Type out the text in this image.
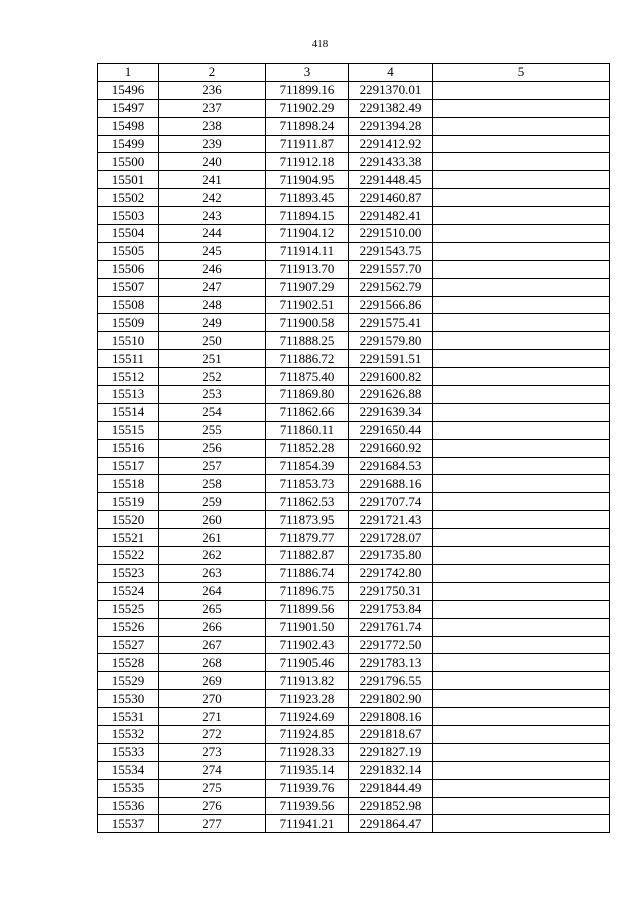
418
1	2	3	4	5
15496	236	711899.16	2291370.01	
15497	237	711902.29	2291382.49	
15498	238	711898.24	2291394.28	
15499	239	711911.87	2291412.92	
15500	240	711912.18	2291433.38	
15501	241	711904.95	2291448.45	
15502	242	711893.45	2291460.87	
15503	243	711894.15	2291482.41	
15504	244	711904.12	2291510.00	
15505	245	711914.11	2291543.75	
15506	246	711913.70	2291557.70	
15507	247	711907.29	2291562.79	
15508	248	711902.51	2291566.86	
15509	249	711900.58	2291575.41	
15510	250	711888.25	2291579.80	
15511	251	711886.72	2291591.51	
15512	252	711875.40	2291600.82	
15513	253	711869.80	2291626.88	
15514	254	711862.66	2291639.34	
15515	255	711860.11	2291650.44	
15516	256	711852.28	2291660.92	
15517	257	711854.39	2291684.53	
15518	258	711853.73	2291688.16	
15519	259	711862.53	2291707.74	
15520	260	711873.95	2291721.43	
15521	261	711879.77	2291728.07	
15522	262	711882.87	2291735.80	
15523	263	711886.74	2291742.80	
15524	264	711896.75	2291750.31	
15525	265	711899.56	2291753.84	
15526	266	711901.50	2291761.74	
15527	267	711902.43	2291772.50	
15528	268	711905.46	2291783.13	
15529	269	711913.82	2291796.55	
15530	270	711923.28	2291802.90	
15531	271	711924.69	2291808.16	
15532	272	711924.85	2291818.67	
15533	273	711928.33	2291827.19	
15534	274	711935.14	2291832.14	
15535	275	711939.76	2291844.49	
15536	276	711939.56	2291852.98	
15537	277	711941.21	2291864.47	
